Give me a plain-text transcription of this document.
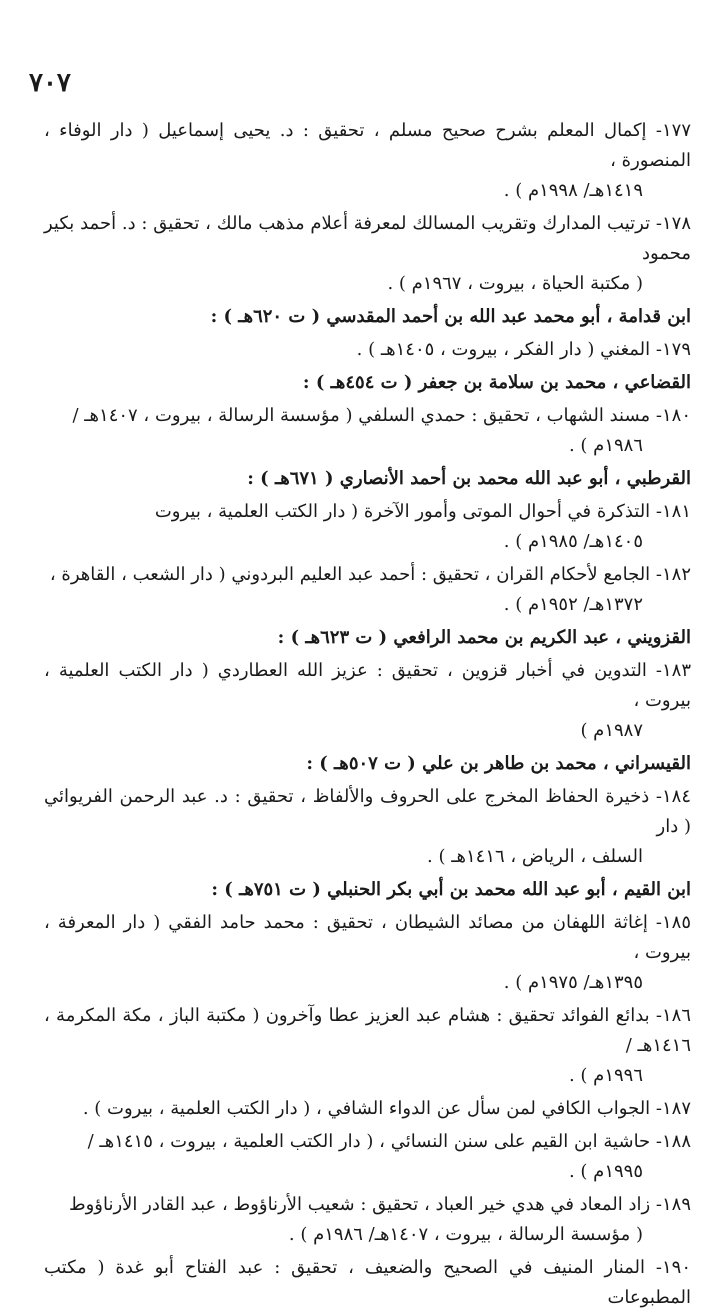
٧٠٧
١٧٧- إكمال المعلم بشرح صحيح مسلم ، تحقيق : د. يحيى إسماعيل ( دار الوفاء ، المنصورة ،
١٤١٩هـ/ ١٩٩٨م ) .
١٧٨- ترتيب المدارك وتقريب المسالك لمعرفة أعلام مذهب مالك ، تحقيق : د. أحمد بكير محمود
( مكتبة الحياة ، بيروت ، ١٩٦٧م ) .
ابن قدامة ، أبو محمد عبد الله بن أحمد المقدسي ( ت ٦٢٠هـ ) :
١٧٩- المغني ( دار الفكر ، بيروت ، ١٤٠٥هـ ) .
القضاعي ، محمد بن سلامة بن جعفر ( ت ٤٥٤هـ ) :
١٨٠- مسند الشهاب ، تحقيق : حمدي السلفي ( مؤسسة الرسالة ، بيروت ، ١٤٠٧هـ /
١٩٨٦م ) .
القرطبي ، أبو عبد الله محمد بن أحمد الأنصاري ( ٦٧١هـ ) :
١٨١- التذكرة في أحوال الموتى وأمور الآخرة ( دار الكتب العلمية ، بيروت
١٤٠٥هـ/ ١٩٨٥م ) .
١٨٢- الجامع لأحكام القران ، تحقيق : أحمد عبد العليم البردوني ( دار الشعب ، القاهرة ،
١٣٧٢هـ/ ١٩٥٢م ) .
القزويني ، عبد الكريم بن محمد الرافعي ( ت ٦٢٣هـ ) :
١٨٣- التدوين في أخبار قزوين ، تحقيق : عزيز الله العطاردي ( دار الكتب العلمية ، بيروت ،
١٩٨٧م )
القيسراني ، محمد بن طاهر بن علي ( ت ٥٠٧هـ ) :
١٨٤- ذخيرة الحفاظ المخرج على الحروف والألفاظ ، تحقيق : د. عبد الرحمن الفريوائي ( دار
السلف ، الرياض ، ١٤١٦هـ ) .
ابن القيم ، أبو عبد الله محمد بن أبي بكر الحنبلي ( ت ٧٥١هـ ) :
١٨٥- إغاثة اللهفان من مصائد الشيطان ، تحقيق : محمد حامد الفقي ( دار المعرفة ، بيروت ،
١٣٩٥هـ/ ١٩٧٥م ) .
١٨٦- بدائع الفوائد تحقيق : هشام عبد العزيز عطا وآخرون ( مكتبة الباز ، مكة المكرمة ، ١٤١٦هـ /
١٩٩٦م ) .
١٨٧- الجواب الكافي لمن سأل عن الدواء الشافي ، ( دار الكتب العلمية ، بيروت ) .
١٨٨- حاشية ابن القيم على سنن النسائي ، ( دار الكتب العلمية ، بيروت ، ١٤١٥هـ /
١٩٩٥م ) .
١٨٩- زاد المعاد في هدي خير العباد ، تحقيق : شعيب الأرناؤوط ، عبد القادر الأرناؤوط
( مؤسسة الرسالة ، بيروت ، ١٤٠٧هـ/ ١٩٨٦م ) .
١٩٠- المنار المنيف في الصحيح والضعيف ، تحقيق : عبد الفتاح أبو غدة ( مكتب المطبوعات
